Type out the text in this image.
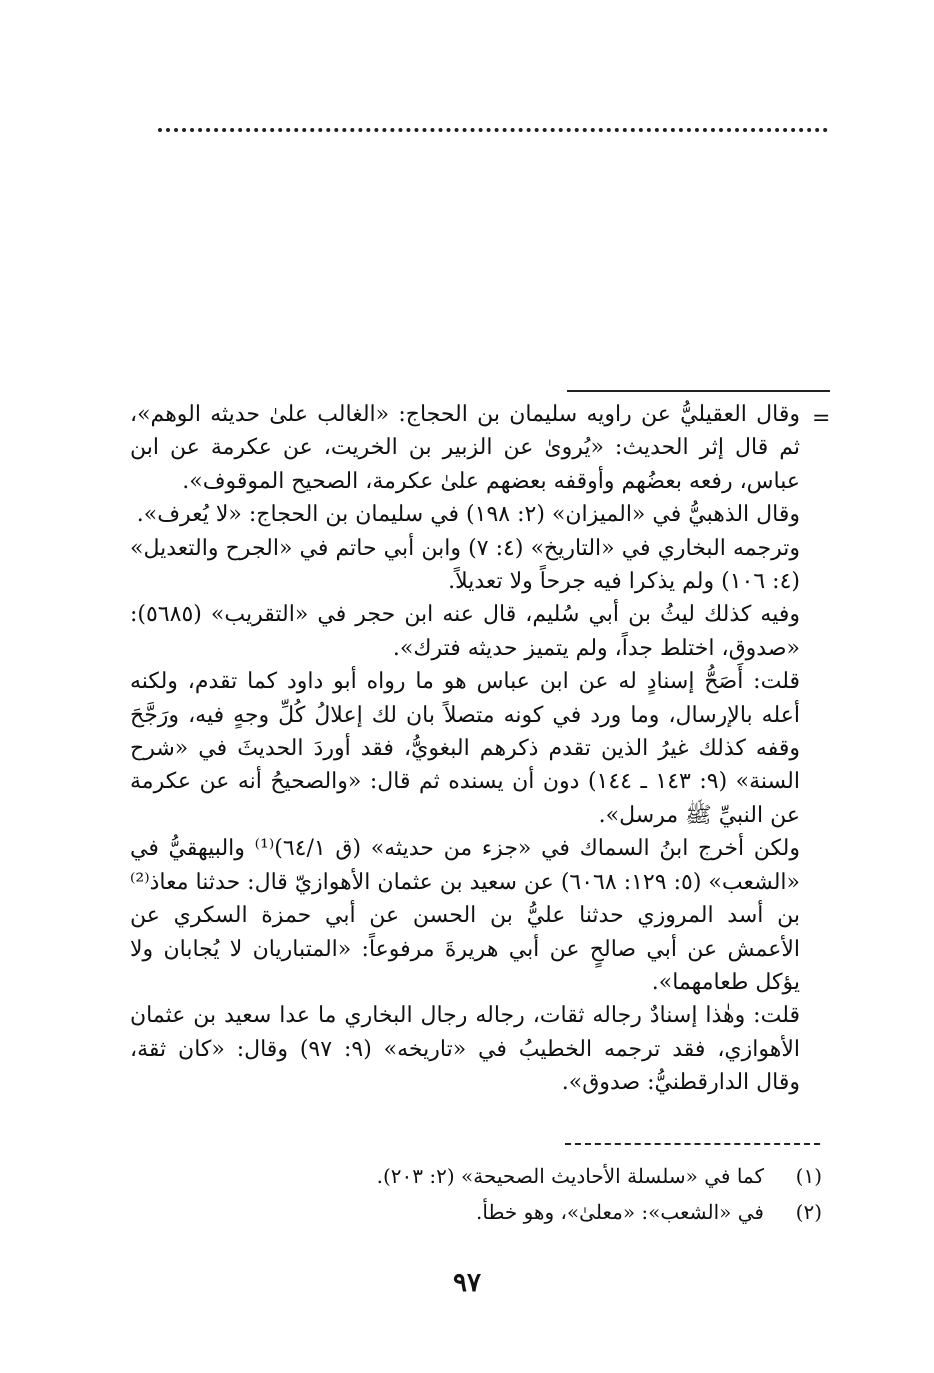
=

وقال العقيليُّ عن راويه سليمان بن الحجاج: «الغالب علىٰ حديثه الوهم»، ثم قال إثر الحديث: «يُروىٰ عن الزبير بن الخريت، عن عكرمة عن ابن عباس، رفعه بعضُهم وأوقفه بعضهم علىٰ عكرمة، الصحيح الموقوف».

وقال الذهبيُّ في «الميزان» (٢: ١٩٨) في سليمان بن الحجاج: «لا يُعرف».

وترجمه البخاري في «التاريخ» (٤: ٧) وابن أبي حاتم في «الجرح والتعديل» (٤: ١٠٦) ولم يذكرا فيه جرحاً ولا تعديلاً.

وفيه كذلك ليثُ بن أبي سُليم، قال عنه ابن حجر في «التقريب» (٥٦٨٥): «صدوق، اختلط جداً، ولم يتميز حديثه فترك».

قلت: أَصَحُّ إسنادٍ له عن ابن عباس هو ما رواه أبو داود كما تقدم، ولكنه أعله بالإرسال، وما ورد في كونه متصلاً بان لك إعلالُ كُلِّ وجهٍ فيه، ورَجَّحَ وقفه كذلك غيرُ الذين تقدم ذكرهم البغويُّ، فقد أوردَ الحديثَ في «شرح السنة» (٩: ١٤٣ ـ ١٤٤) دون أن يسنده ثم قال: «والصحيحُ أنه عن عكرمة عن النبيِّ ﷺ مرسل».

ولكن أخرج ابنُ السماك في «جزء من حديثه» (ق ٦٤/١)⁽¹⁾ والبيهقيُّ في «الشعب» (٥: ١٢٩: ٦٠٦٨) عن سعيد بن عثمان الأهوازيّ قال: حدثنا معاذ⁽²⁾ بن أسد المروزي حدثنا عليُّ بن الحسن عن أبي حمزة السكري عن الأعمش عن أبي صالحٍ عن أبي هريرةَ مرفوعاً: «المتباريان لا يُجابان ولا يؤكل طعامهما».

قلت: وهٰذا إسنادٌ رجاله ثقات، رجاله رجال البخاري ما عدا سعيد بن عثمان الأهوازي، فقد ترجمه الخطيبُ في «تاريخه» (٩: ٩٧) وقال: «كان ثقة، وقال الدارقطنيُّ: صدوق».

(١)
كما في «سلسلة الأحاديث الصحيحة» (٢: ٢٠٣).
(٢)
في «الشعب»: «معلىٰ»، وهو خطأ.
٩٧
